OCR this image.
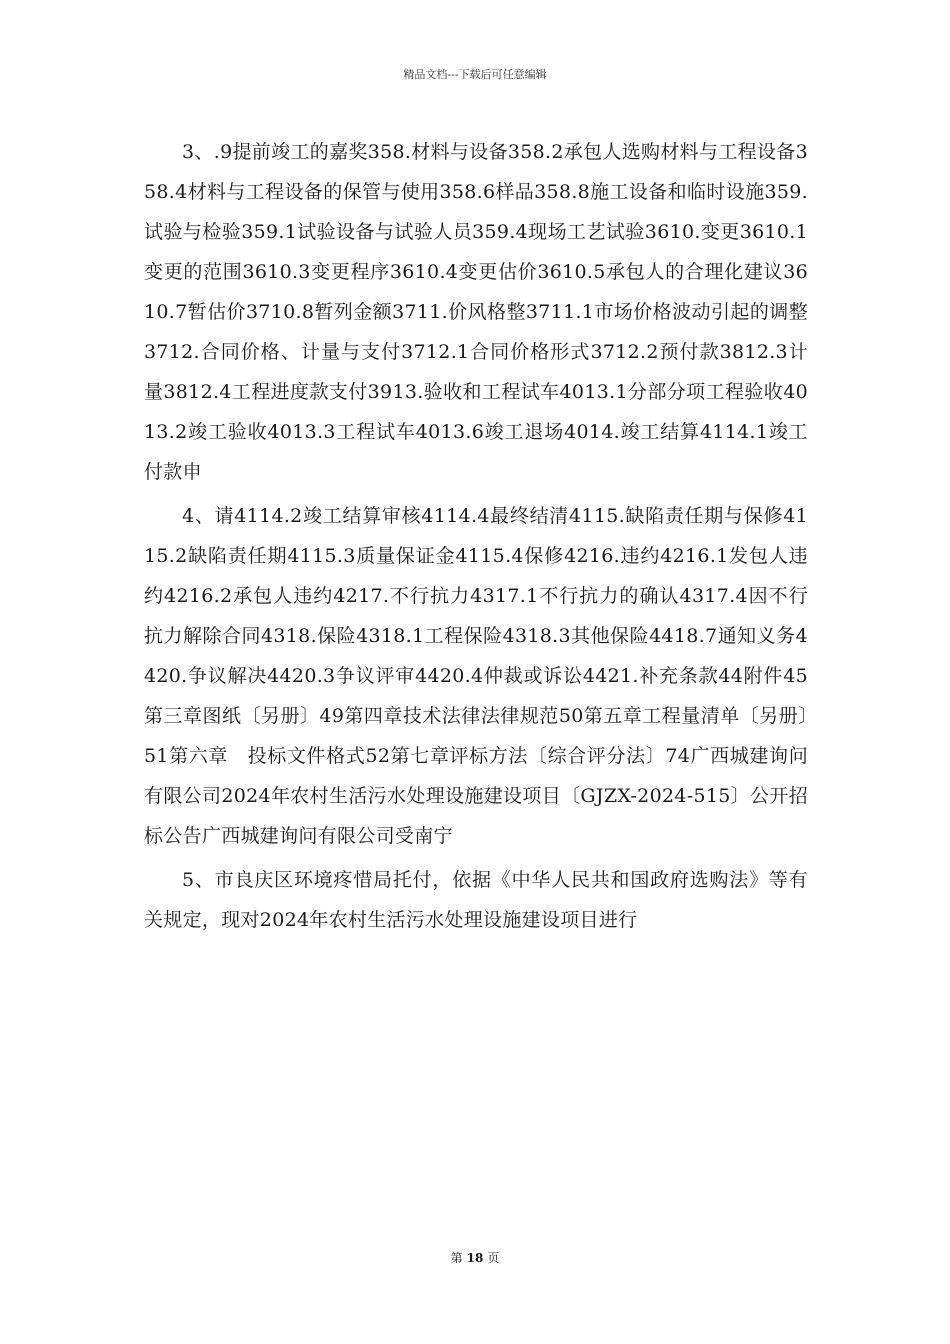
精品文档---下载后可任意编辑

3、.9提前竣工的嘉奖358.材料与设备358.2承包人选购材料与工程设备358.4材料与工程设备的保管与使用358.6样品358.8施工设备和临时设施359.试验与检验359.1试验设备与试验人员359.4现场工艺试验3610.变更3610.1变更的范围3610.3变更程序3610.4变更估价3610.5承包人的合理化建议3610.7暂估价3710.8暂列金额3711.价风格整3711.1市场价格波动引起的调整3712.合同价格、计量与支付3712.1合同价格形式3712.2预付款3812.3计量3812.4工程进度款支付3913.验收和工程试车4013.1分部分项工程验收4013.2竣工验收4013.3工程试车4013.6竣工退场4014.竣工结算4114.1竣工付款申

4、请4114.2竣工结算审核4114.4最终结清4115.缺陷责任期与保修4115.2缺陷责任期4115.3质量保证金4115.4保修4216.违约4216.1发包人违约4216.2承包人违约4217.不行抗力4317.1不行抗力的确认4317.4因不行抗力解除合同4318.保险4318.1工程保险4318.3其他保险4418.7通知义务4420.争议解决4420.3争议评审4420.4仲裁或诉讼4421.补充条款44附件45第三章图纸〔另册〕49第四章技术法律法律规范50第五章工程量清单〔另册〕51第六章　投标文件格式52第七章评标方法〔综合评分法〕74广西城建询问有限公司2024年农村生活污水处理设施建设项目〔GJZX-2024-515〕公开招标公告广西城建询问有限公司受南宁

5、市良庆区环境疼惜局托付，依据《中华人民共和国政府选购法》等有关规定，现对2024年农村生活污水处理设施建设项目进行

第 18 页
